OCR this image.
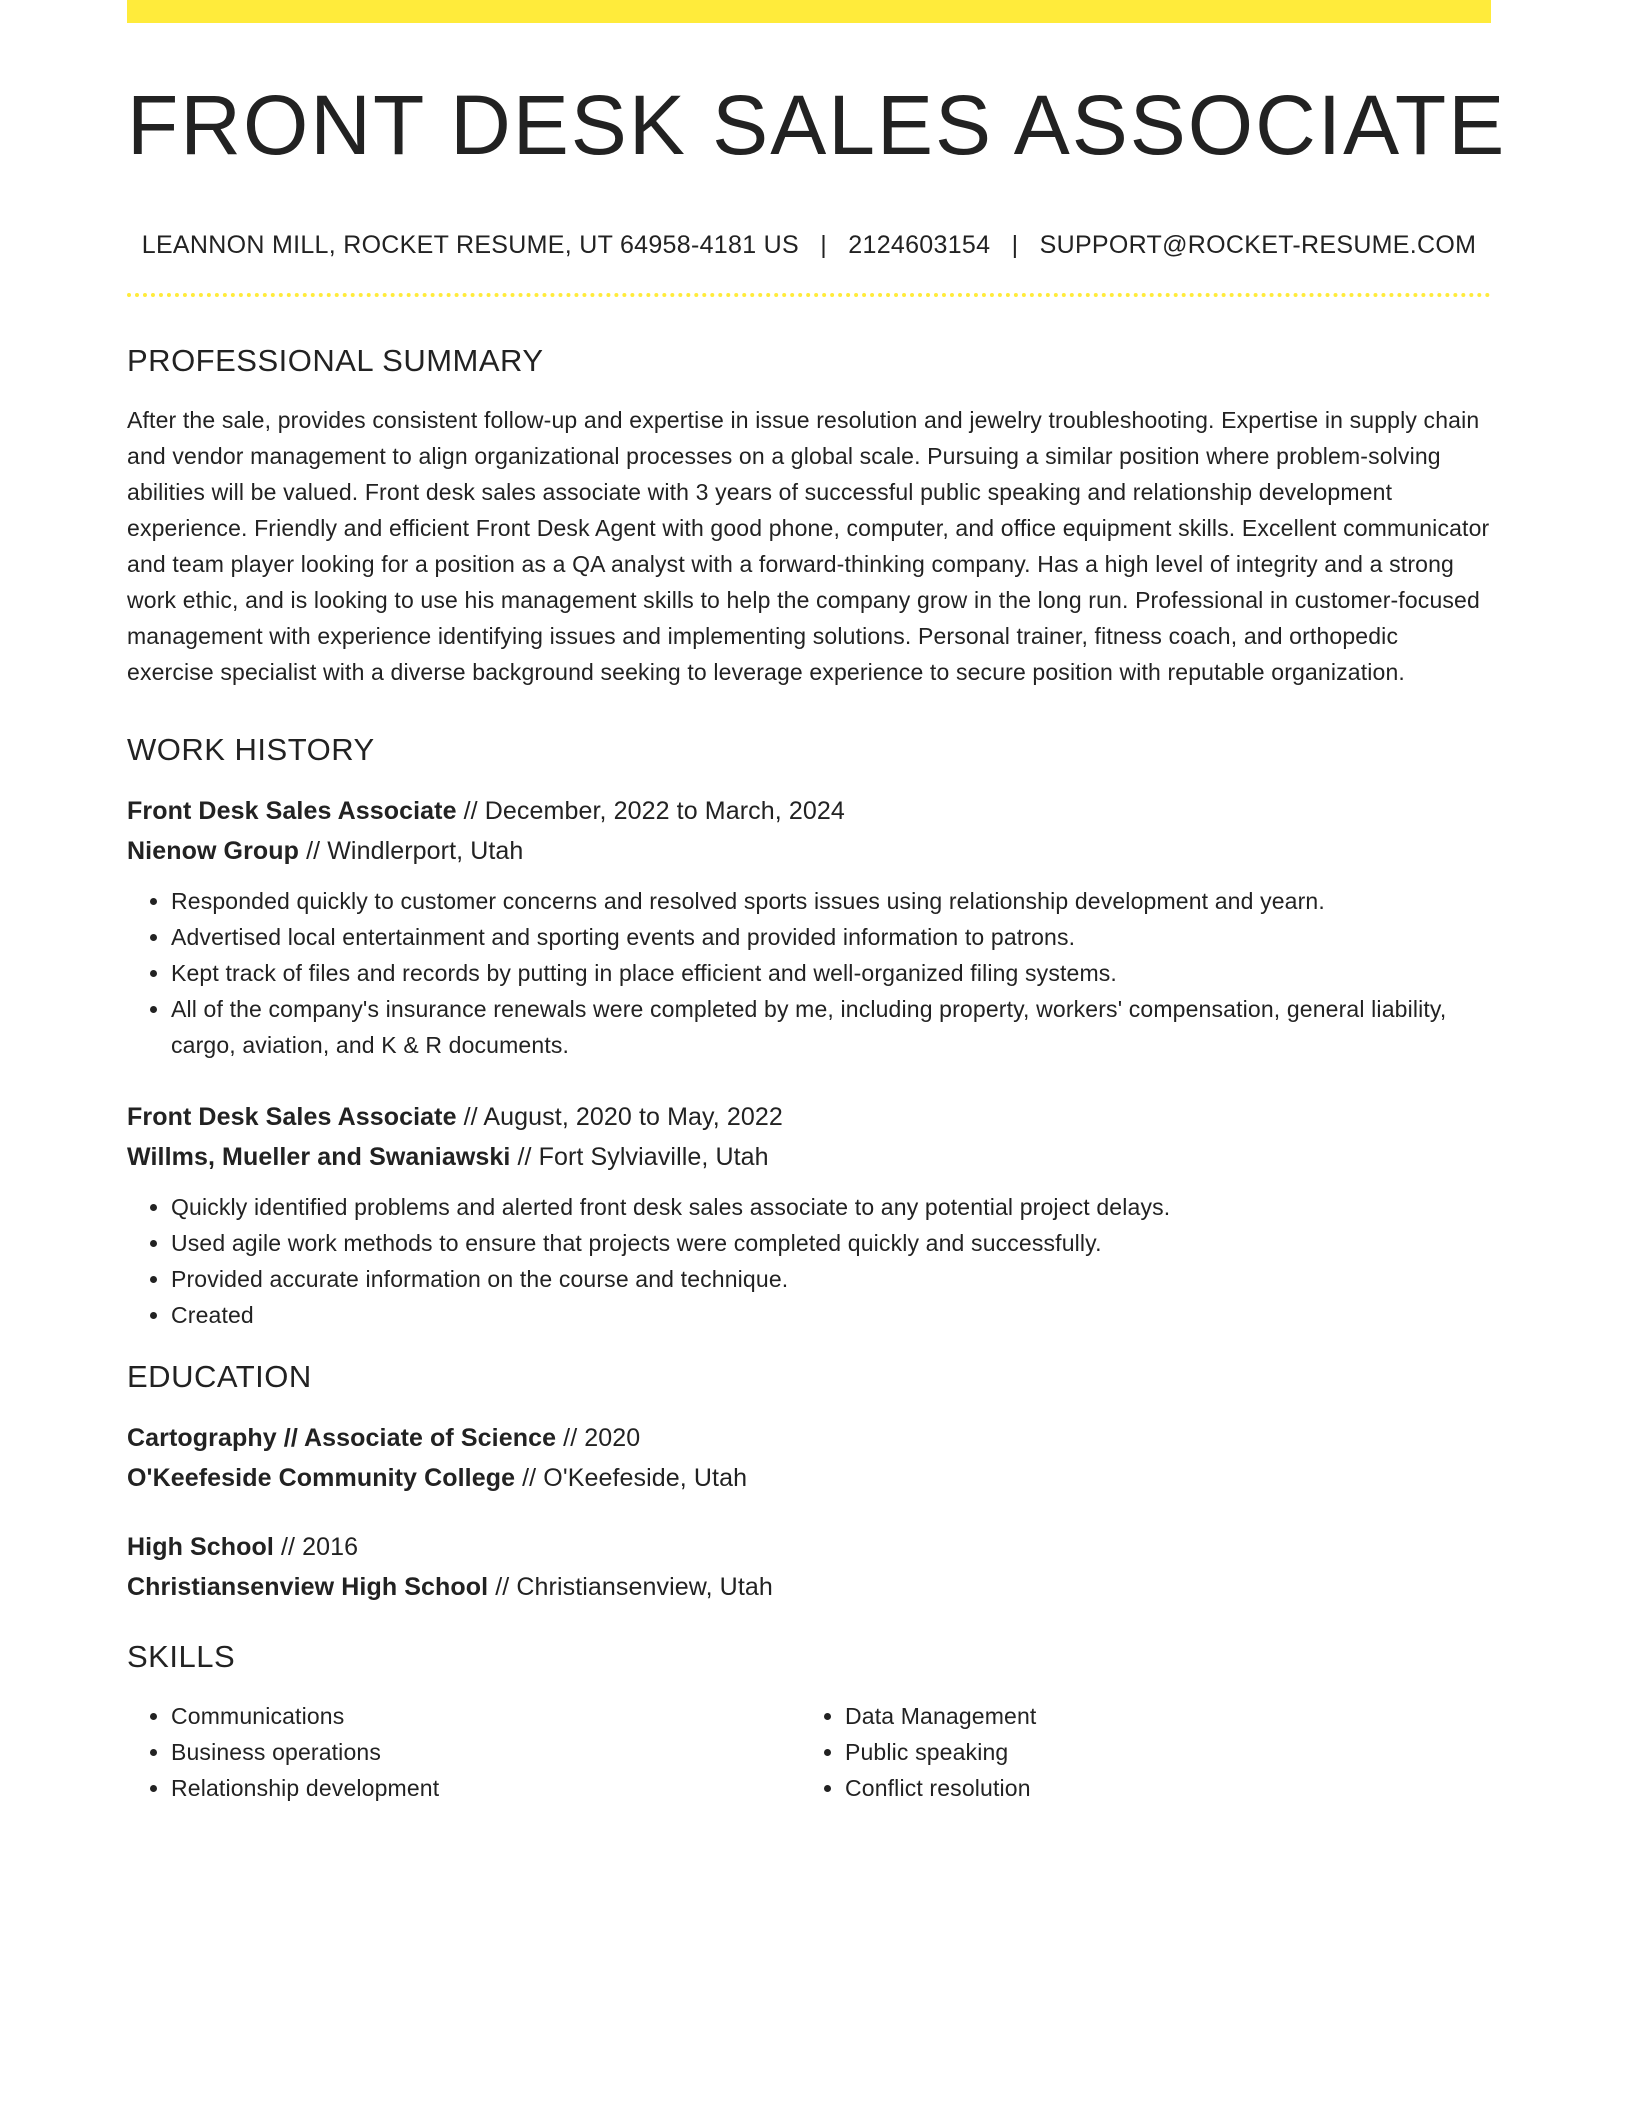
FRONT DESK SALES ASSOCIATE
LEANNON MILL, ROCKET RESUME, UT 64958-4181 US | 2124603154 | SUPPORT@ROCKET-RESUME.COM
PROFESSIONAL SUMMARY

After the sale, provides consistent follow-up and expertise in issue resolution and jewelry troubleshooting. Expertise in supply chain and vendor management to align organizational processes on a global scale. Pursuing a similar position where problem-solving abilities will be valued. Front desk sales associate with 3 years of successful public speaking and relationship development experience. Friendly and efficient Front Desk Agent with good phone, computer, and office equipment skills. Excellent communicator and team player looking for a position as a QA analyst with a forward-thinking company. Has a high level of integrity and a strong work ethic, and is looking to use his management skills to help the company grow in the long run. Professional in customer-focused management with experience identifying issues and implementing solutions. Personal trainer, fitness coach, and orthopedic exercise specialist with a diverse background seeking to leverage experience to secure position with reputable organization.

WORK HISTORY
Front Desk Sales Associate // December, 2022 to March, 2024
Nienow Group // Windlerport, Utah
• Responded quickly to customer concerns and resolved sports issues using relationship development and yearn.
• Advertised local entertainment and sporting events and provided information to patrons.
• Kept track of files and records by putting in place efficient and well-organized filing systems.
• All of the company's insurance renewals were completed by me, including property, workers' compensation, general liability, cargo, aviation, and K & R documents.
Front Desk Sales Associate // August, 2020 to May, 2022
Willms, Mueller and Swaniawski // Fort Sylviaville, Utah
• Quickly identified problems and alerted front desk sales associate to any potential project delays.
• Used agile work methods to ensure that projects were completed quickly and successfully.
• Provided accurate information on the course and technique.
• Created
EDUCATION
Cartography // Associate of Science // 2020
O'Keefeside Community College // O'Keefeside, Utah
High School // 2016
Christiansenview High School // Christiansenview, Utah
SKILLS
• Communications
• Business operations
• Relationship development
• Data Management
• Public speaking
• Conflict resolution
